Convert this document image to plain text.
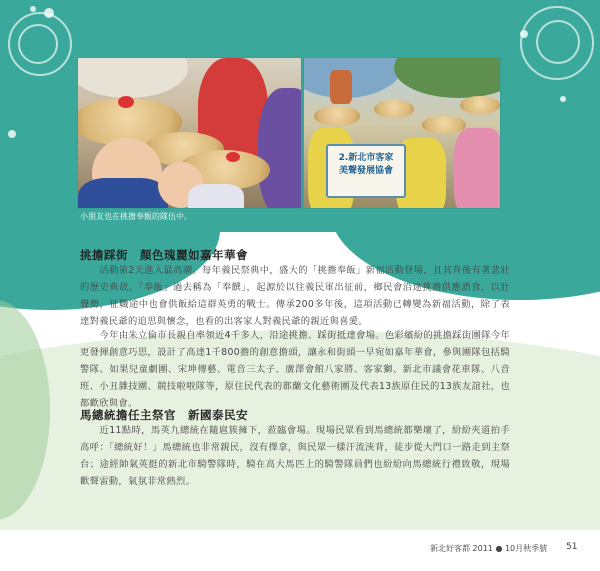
2.新北市客家
美聲發展協會
小朋友也在挑擔奉飯的隊伍中。
挑擔踩街　顏色瑰麗如嘉年華會
活動第2天進入最高潮。每年義民祭典中，盛大的「挑擔奉飯」新福活動登場，且其背後有著悲壯的歷史典故。「奉飯」過去稱為「奉饌」，起源於以往義民軍出征前，鄉民會沿途挑擔供應酒食，以壯聲勢，征職途中也會供飯給這群英勇的戰士。傳承200多年後，這項活動已轉變為新福活動，除了表達對義民爺的追思與懷念，也看的出客家人對義民爺的親近與喜愛。
今年由朱立倫市長親自率領近4千多人，沿途挑擔、踩街抵達會場。色彩繽紛的挑擔踩街團隊今年更發揮創意巧思，設計了高達1千800擔的創意擔頭，讓永和街頭一早宛如嘉年華會，參與團隊包括騎警隊、如果兒童劇團、宋坤傳藝、電音三太子、廣澤會館八家將、客家獅、新北市議會花車隊、八音班、小丑雜技團、競技啦啦隊等，原住民代表的都蘭文化藝術團及代表13族原住民的13族友誼社，也都歡欣與會。
馬總統擔任主祭官　新國泰民安
近11點時，馬英九總統在隨扈簇擁下，蒞臨會場。現場民眾看到馬總統都樂壞了，紛紛夾道拍手高呼：「總統好！」馬總統也非常親民，沒有擇拿，與民眾一樣汗流浹背，徒步從大門口一路走到主祭台；途經帥氣英挺的新北市騎警隊時，騎在高大馬匹上的騎警隊員們也紛紛向馬總統行禮致敬，現場歡聲雷動，氣氛非常熱烈。
新北好客都 2011 ● 10月秋季號 51
